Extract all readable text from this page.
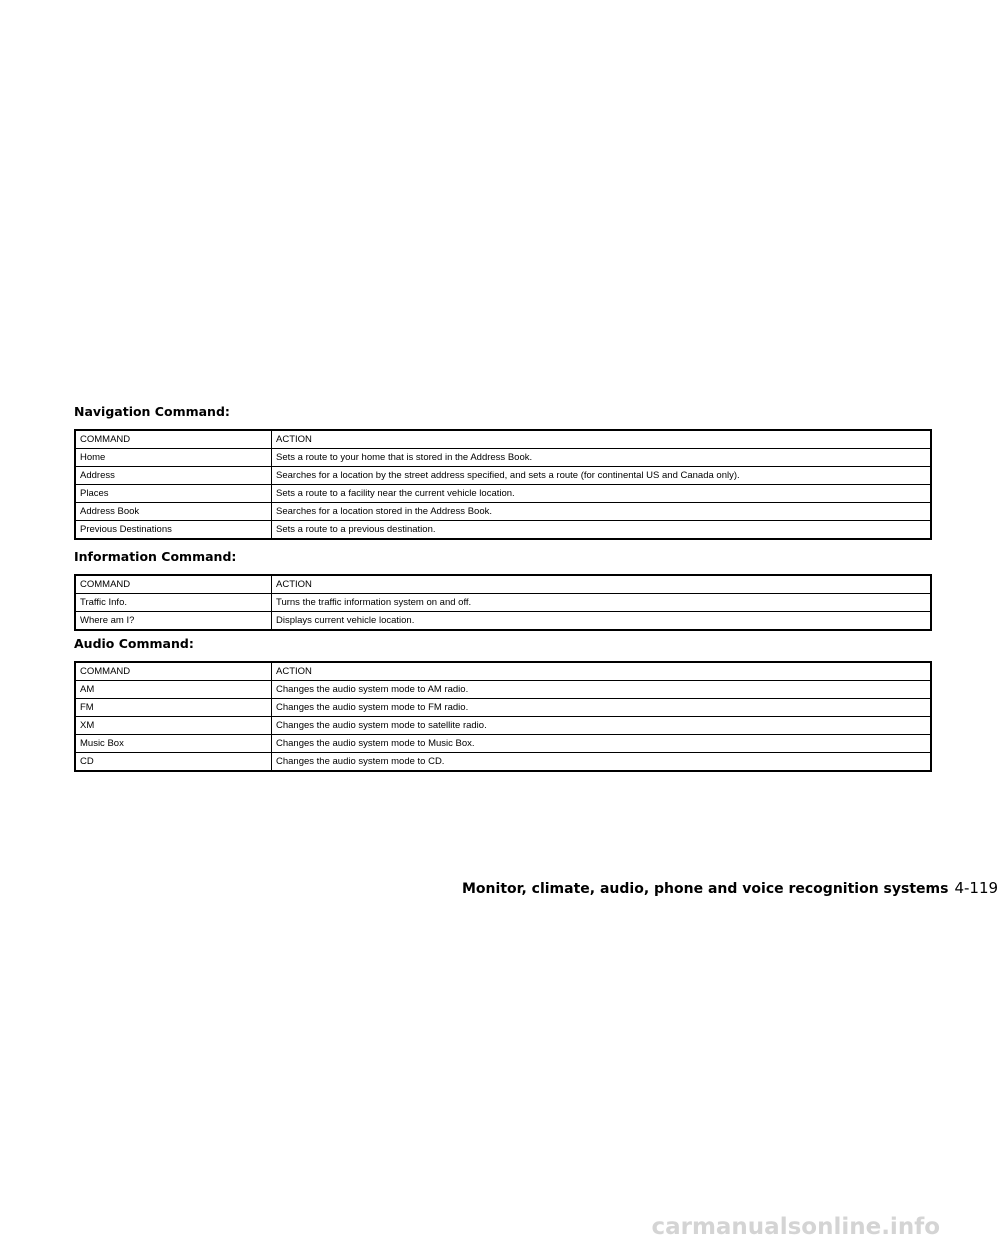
Navigation Command:
COMMAND	ACTION
Home	Sets a route to your home that is stored in the Address Book.
Address	Searches for a location by the street address specified, and sets a route (for continental US and Canada only).
Places	Sets a route to a facility near the current vehicle location.
Address Book	Searches for a location stored in the Address Book.
Previous Destinations	Sets a route to a previous destination.
Information Command:
COMMAND	ACTION
Traffic Info.	Turns the traffic information system on and off.
Where am I?	Displays current vehicle location.
Audio Command:
COMMAND	ACTION
AM	Changes the audio system mode to AM radio.
FM	Changes the audio system mode to FM radio.
XM	Changes the audio system mode to satellite radio.
Music Box	Changes the audio system mode to Music Box.
CD	Changes the audio system mode to CD.
Monitor, climate, audio, phone and voice recognition systems 4-119
carmanualsonline.info
